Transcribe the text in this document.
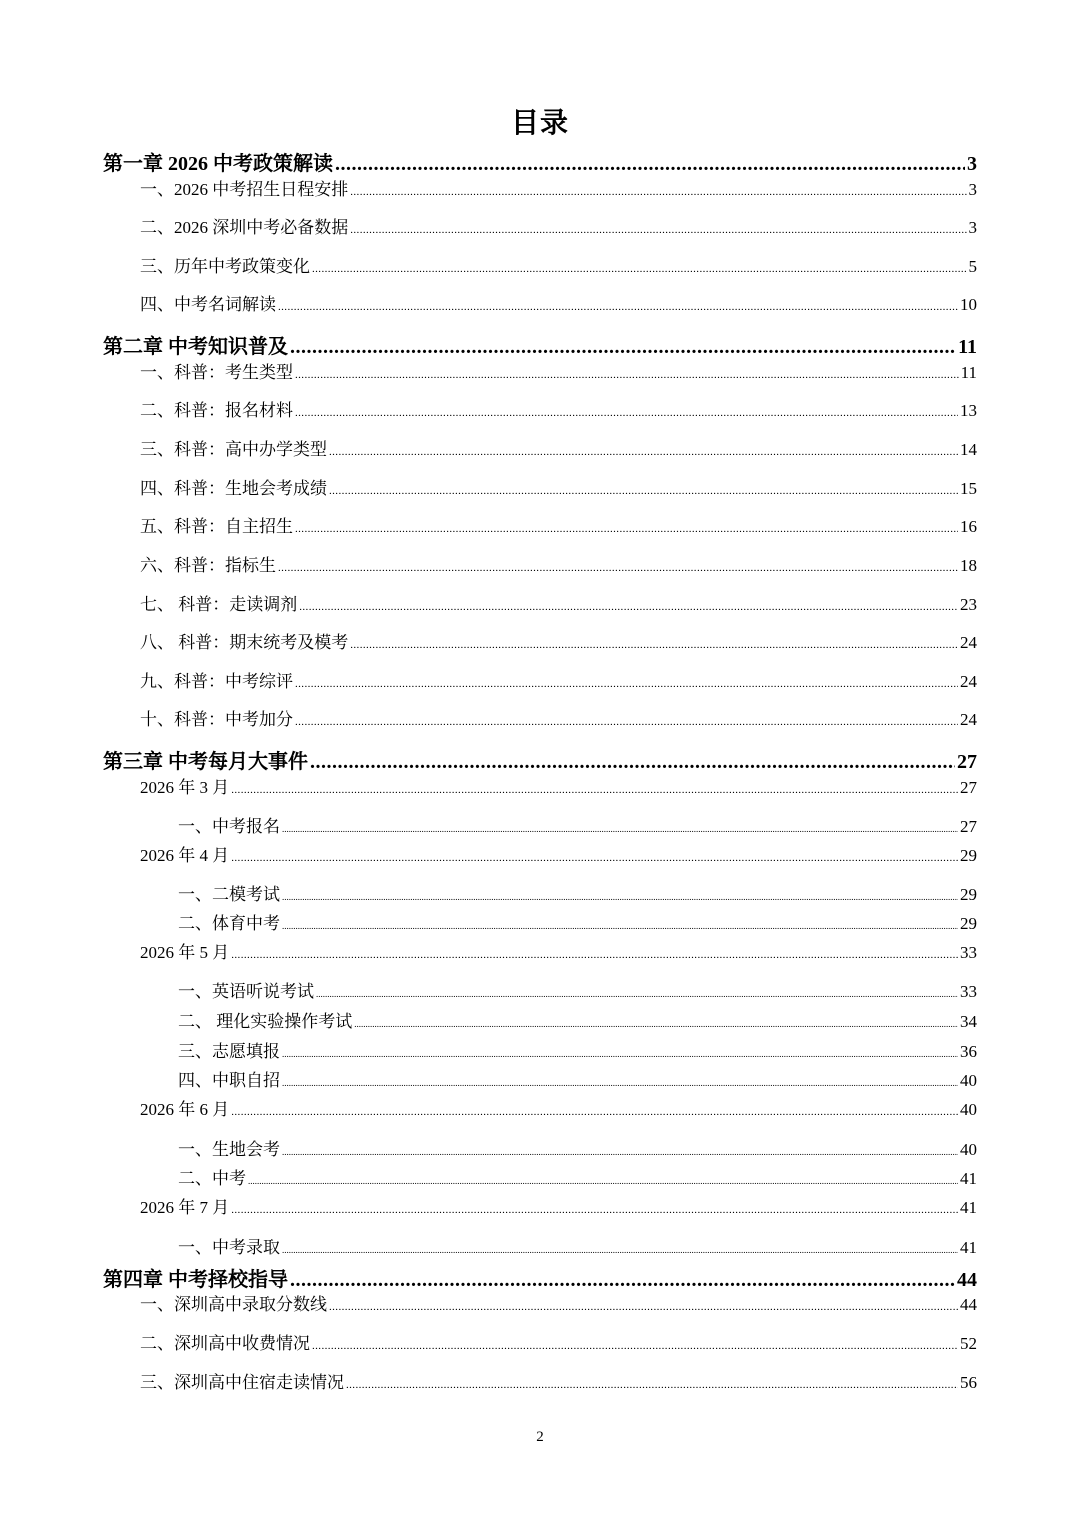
目录
第一章 2026 中考政策解读 .....	3
一、2026 中考招生日程安排 .....	3
二、2026 深圳中考必备数据 .....	3
三、历年中考政策变化 .....	5
四、中考名词解读 .....	10
第二章 中考知识普及 .....	11
一、科普：考生类型 .....	11
二、科普：报名材料 .....	13
三、科普：高中办学类型 .....	14
四、科普：生地会考成绩 .....	15
五、科普：自主招生 .....	16
六、科普：指标生 .....	18
七、 科普：走读调剂 .....	23
八、 科普：期末统考及模考 .....	24
九、科普：中考综评 .....	24
十、科普：中考加分 .....	24
第三章 中考每月大事件 .....	27
2026 年 3 月 .....	27
一、中考报名 .....	27
2026 年 4 月 .....	29
一、二模考试 .....	29
二、体育中考 .....	29
2026 年 5 月 .....	33
一、英语听说考试 .....	33
二、 理化实验操作考试 .....	34
三、志愿填报 .....	36
四、中职自招 .....	40
2026 年 6 月 .....	40
一、生地会考 .....	40
二、中考 .....	41
2026 年 7 月 .....	41
一、中考录取 .....	41
第四章 中考择校指导 .....	44
一、深圳高中录取分数线 .....	44
二、深圳高中收费情况 .....	52
三、深圳高中住宿走读情况 .....	56
2
